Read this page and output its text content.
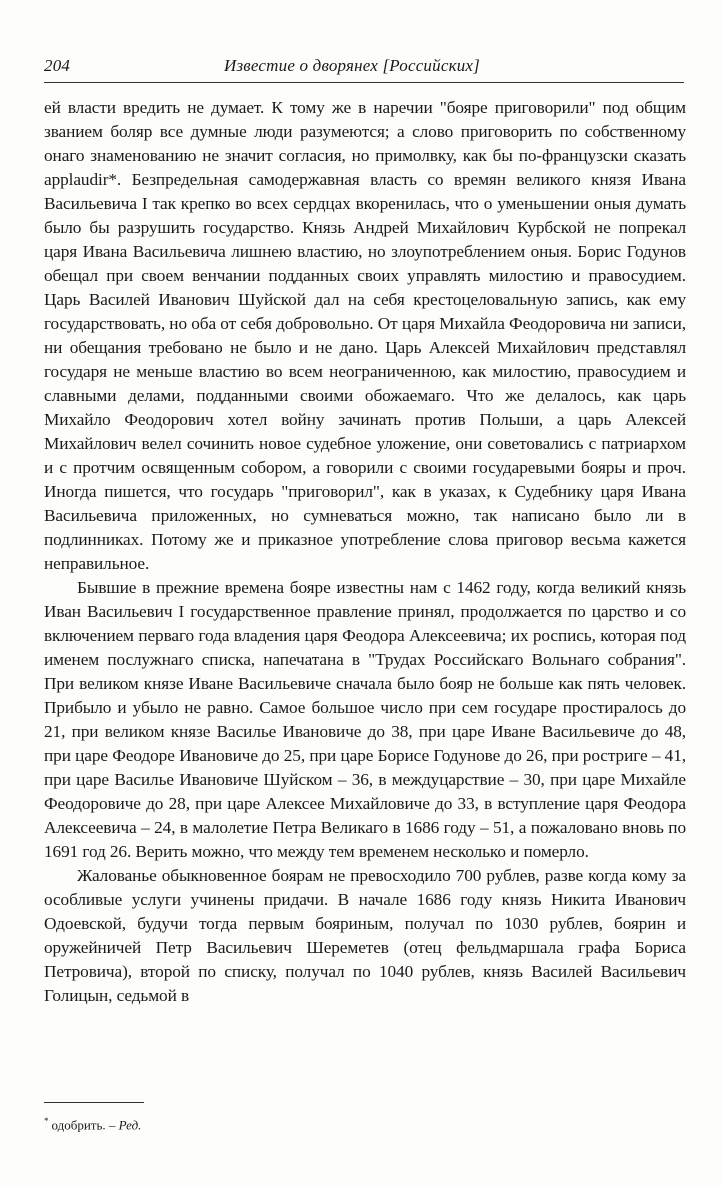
204	Известие о дворянех [Российских]

ей власти вредить не думает. К тому же в наречии "бояре приговорили" под общим званием боляр все думные люди разумеются; а слово приговорить по собственному онаго знаменованию не значит согласия, но примолвку, как бы по-французски сказать applaudir*. Безпредельная самодержавная власть со времян великого князя Ивана Васильевича I так крепко во всех сердцах вкоренилась, что о уменьшении оныя думать было бы разрушить государство. Князь Андрей Михайлович Курбской не попрекал царя Ивана Васильевича лишнею властию, но злоупотреблением оныя. Борис Годунов обещал при своем венчании подданных своих управлять милостию и правосудием. Царь Василей Иванович Шуйской дал на себя крестоцеловальную запись, как ему государствовать, но оба от себя добровольно. От царя Михайла Феодоровича ни записи, ни обещания требовано не было и не дано. Царь Алексей Михайлович представлял государя не меньше властию во всем неограниченною, как милостию, правосудием и славными делами, подданными своими обожаемаго. Что же делалось, как царь Михайло Феодорович хотел войну зачинать против Польши, а царь Алексей Михайлович велел сочинить новое судебное уложение, они советовались с патриархом и с протчим освященным собором, а говорили с своими государевыми бояры и проч. Иногда пишется, что государь "приговорил", как в указах, к Судебнику царя Ивана Васильевича приложенных, но сумневаться можно, так написано было ли в подлинниках. Потому же и приказное употребление слова приговор весьма кажется неправильное.

Бывшие в прежние времена бояре известны нам с 1462 году, когда великий князь Иван Васильевич I государственное правление принял, продолжается по царство и со включением перваго года владения царя Феодора Алексеевича; их роспись, которая под именем послужнаго списка, напечатана в "Трудах Российскаго Вольнаго собрания". При великом князе Иване Васильевиче сначала было бояр не больше как пять человек. Прибыло и убыло не равно. Самое большое число при сем государе простиралось до 21, при великом князе Василье Ивановиче до 38, при царе Иване Васильевиче до 48, при царе Феодоре Ивановиче до 25, при царе Борисе Годунове до 26, при ростриге – 41, при царе Василье Ивановиче Шуйском – 36, в междуцарствие – 30, при царе Михайле Феодоровиче до 28, при царе Алексее Михайловиче до 33, в вступление царя Феодора Алексеевича – 24, в малолетие Петра Великаго в 1686 году – 51, а пожаловано вновь по 1691 год 26. Верить можно, что между тем временем несколько и померло.

Жалованье обыкновенное боярам не превосходило 700 рублев, разве когда кому за особливые услуги учинены придачи. В начале 1686 году князь Никита Иванович Одоевской, будучи тогда первым бояриным, получал по 1030 рублев, боярин и оружейничей Петр Васильевич Шереметев (отец фельдмаршала графа Бориса Петровича), второй по списку, получал по 1040 рублев, князь Василей Васильевич Голицын, седьмой в

* одобрить. – Ред.
